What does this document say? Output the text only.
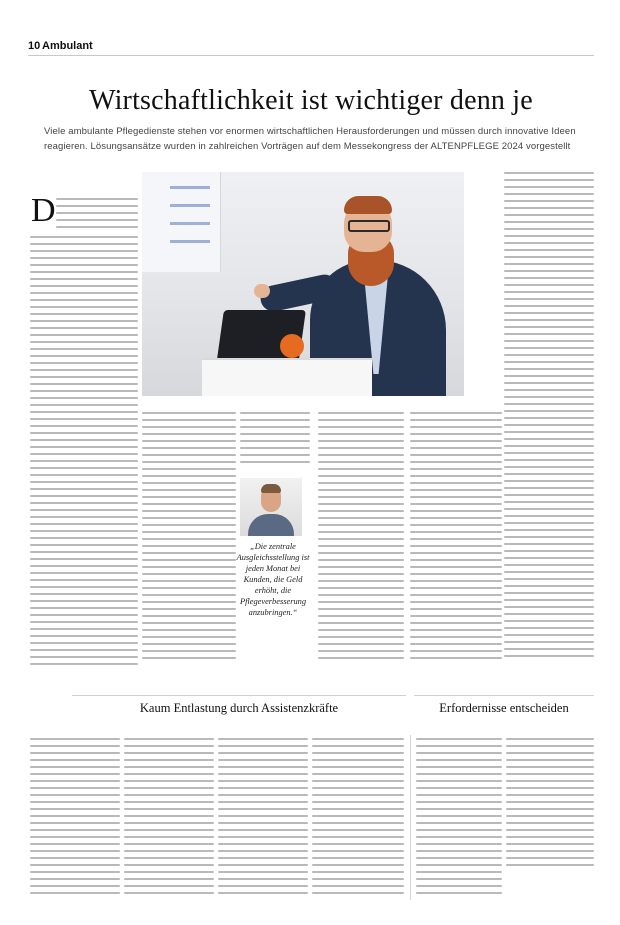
10 Ambulant
Wirtschaftlichkeit ist wichtiger denn je

Viele ambulante Pflegedienste stehen vor enormen wirtschaftlichen Herausforderungen und müssen durch innovative Ideen reagieren. Lösungsansätze wurden in zahlreichen Vorträgen auf dem Messekongress der ALTENPFLEGE 2024 vorgestellt

D
„Die zentrale Ausgleichsstellung ist jeden Monat bei Kunden, die Geld erhöht, die Pflegeverbesserung anzubringen.“
Kaum Entlastung durch Assistenzkräfte	Erfordernisse entscheiden
